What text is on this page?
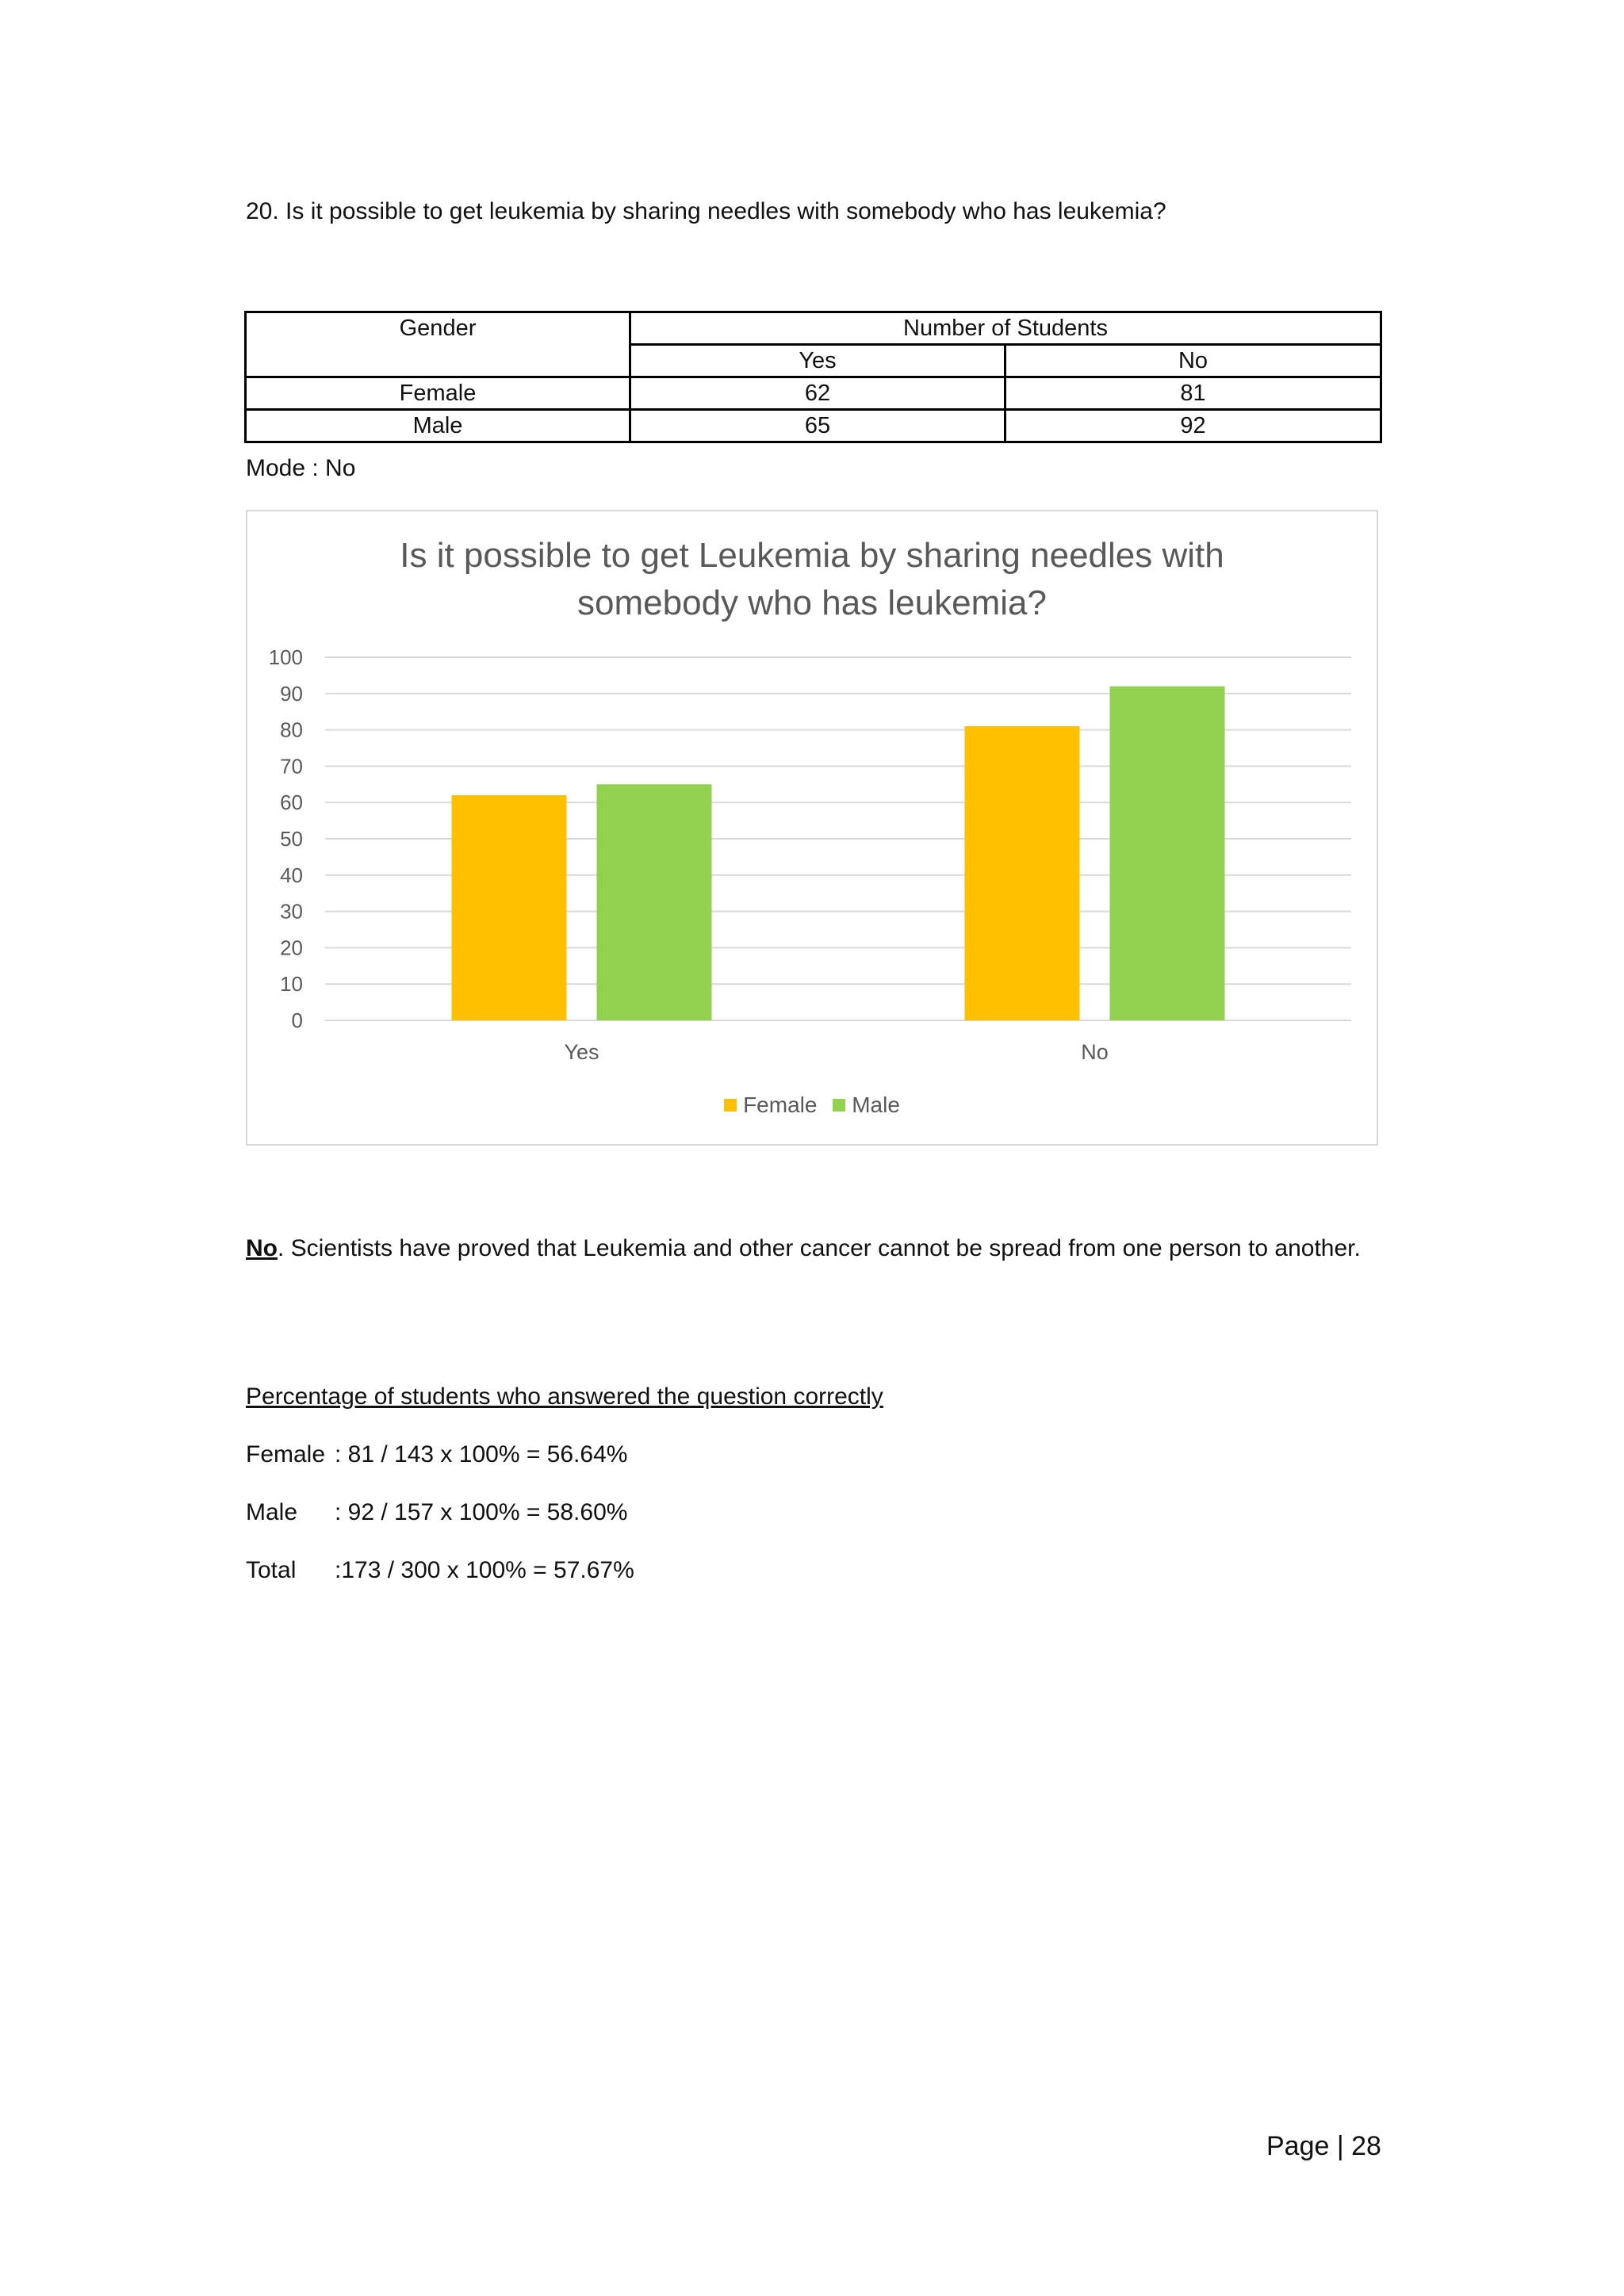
20. Is it possible to get leukemia by sharing needles with somebody who has leukemia?
Gender	Number of Students	
	Yes	No
Female	62	81
Male	65	92
Mode : No
Is it possible to get Leukemia by sharing needles with
somebody who has leukemia?
0
10
20
30
40
50
60
70
80
90
100
Yes	No
Female
Male
No. Scientists have proved that Leukemia and other cancer cannot be spread from one person to another.
Percentage of students who answered the question correctly
Female : 81 / 143 x 100% = 56.64%
Male : 92 / 157 x 100% = 58.60%
Total :173 / 300 x 100% = 57.67%
Page | 28
